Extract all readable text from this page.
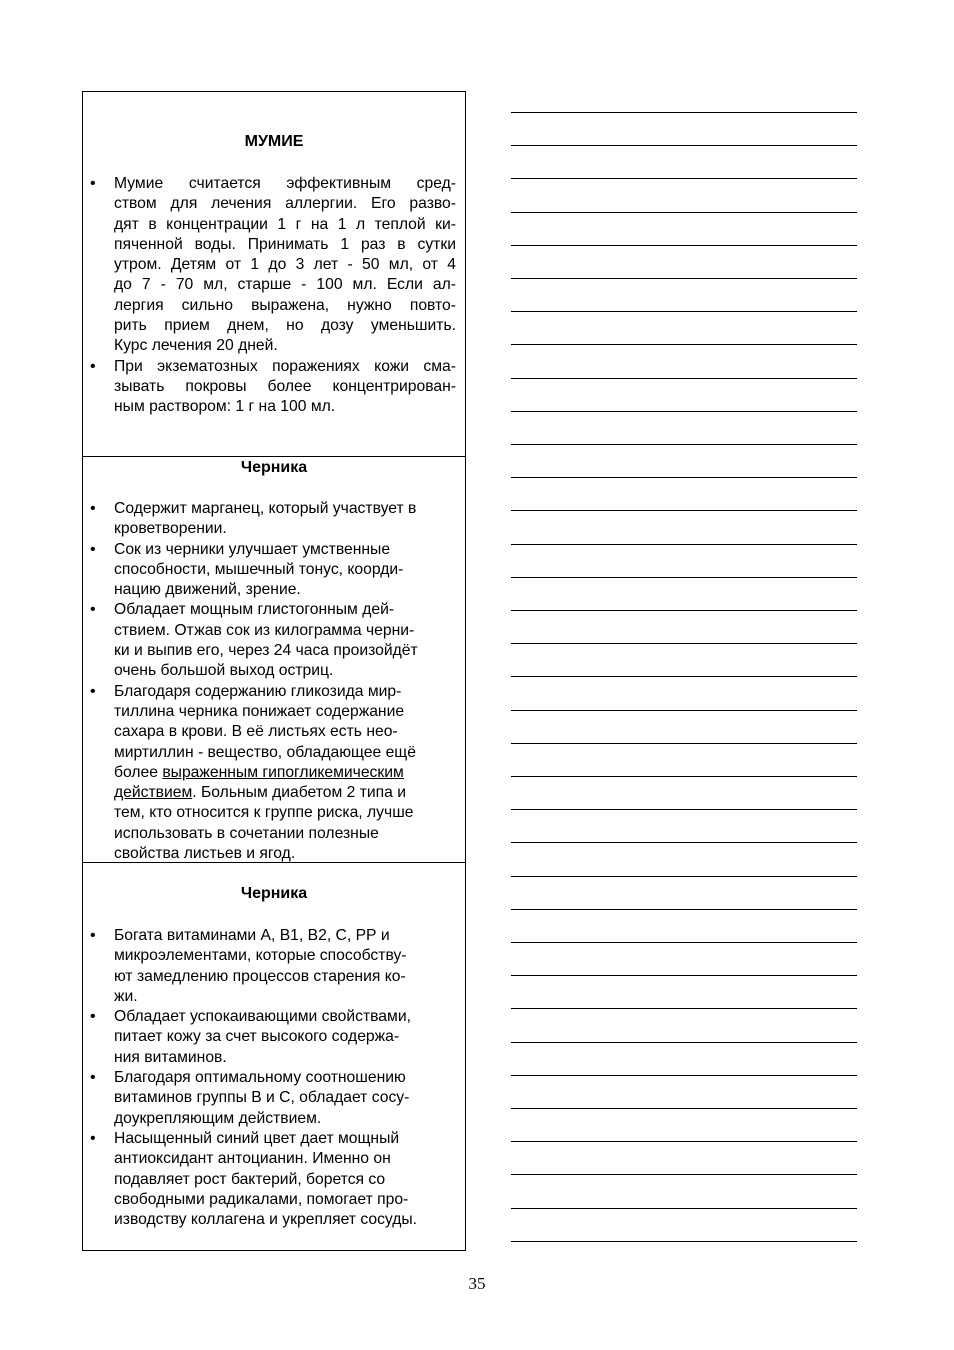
МУМИЕ
• Мумие считается эффективным сред-
ством для лечения аллергии. Его разво-
дят в концентрации 1 г на 1 л теплой ки-
пяченной воды. Принимать 1 раз в сутки
утром. Детям от 1 до 3 лет - 50 мл, от 4
до 7 - 70 мл, старше - 100 мл. Если ал-
лергия сильно выражена, нужно повто-
рить прием днем, но дозу уменьшить.
Курс лечения 20 дней.
• При экзематозных поражениях кожи сма-
зывать покровы более концентрирован-
ным раствором: 1 г на 100 мл.
Черника
• Содержит марганец, который участвует в
кроветворении.
• Сок из черники улучшает умственные
способности, мышечный тонус, коорди-
нацию движений, зрение.
• Обладает мощным глистогонным дей-
ствием. Отжав сок из килограмма черни-
ки и выпив его, через 24 часа произойдёт
очень большой выход остриц.
• Благодаря содержанию гликозида мир-
тиллина черника понижает содержание
сахара в крови. В её листьях есть нео-
миртиллин - вещество, обладающее ещё
более выраженным гипогликемическим
действием. Больным диабетом 2 типа и
тем, кто относится к группе риска, лучше
использовать в сочетании полезные
свойства листьев и ягод.
Черника
• Богата витаминами А, В1, В2, С, РР и
микроэлементами, которые способству-
ют замедлению процессов старения ко-
жи.
• Обладает успокаивающими свойствами,
питает кожу за счет высокого содержа-
ния витаминов.
• Благодаря оптимальному соотношению
витаминов группы В и С, обладает сосу-
доукрепляющим действием.
• Насыщенный синий цвет дает мощный
антиоксидант антоцианин. Именно он
подавляет рост бактерий, борется со
свободными радикалами, помогает про-
изводству коллагена и укрепляет сосуды.
35
